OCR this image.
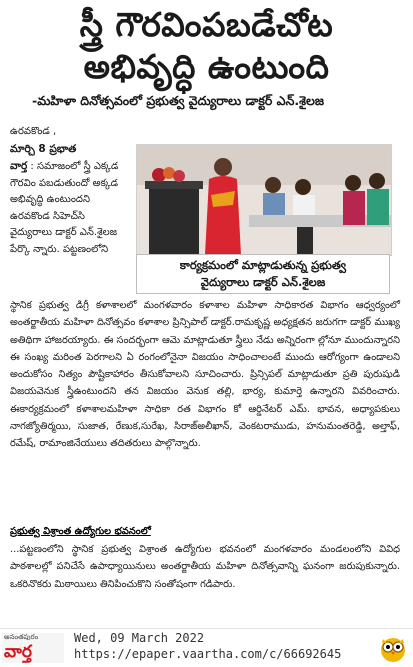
స్త్రీ గౌరవింపబడేచోట
అభివృద్ధి ఉంటుంది
-మహిళా దినోత్సవంలో ప్రభుత్వ వైద్యురాలు డాక్టర్ ఎన్.శైలజ
ఉరవకొండ ,
మార్చి 8 ప్రభాత
వార్త : సమాజంలో స్త్రీ ఎక్కడ గౌరవిం పబడుతుందో అక్కడ అభివృద్ధి ఉంటుందని ఉరవకొండ సిహెచ్‌సి వైద్యురాలు డాక్టర్ ఎన్.శైలజ పేర్కొ న్నారు. పట్టణంలోని
కార్యక్రమంలో మాట్లాడుతున్న ప్రభుత్వ
వైద్యురాలు డాక్టర్ ఎన్.శైలజ
స్థానిక ప్రభుత్వ డిగ్రీ కళాశాలలో మంగళవారం కళాశాల మహిళా సాధికారత విభాగం ఆధ్వర్యంలో అంతర్జాతీయ మహిళా దినోత్సవం కళాశాల ప్రిన్సిపాల్ డాక్టర్.రామకృష్ణ అధ్యక్షతన జరుగగా డాక్టర్ ముఖ్య అతిథిగా హాజరయ్యారు. ఈ సందర్భంగా ఆమె మాట్లాడుతూ స్త్రీలు నేడు అన్నిరంగా ల్లోనూ ముందున్నారని ఈ సంఖ్య మరింత పెరగాలని ఏ రంగంలోనైనా విజయం సాధించాలంటే ముందు ఆరోగ్యంగా ఉండాలని అందుకోసం నిత్యం పౌష్టికాహారం తీసుకోవాలని సూచించారు. ప్రిన్సిపల్ మాట్లాడుతూ ప్రతి పురుషుడి విజయవెనుక స్త్రీఉంటుందని తన విజయం వెనుక తల్లి, భార్య, కుమార్తె ఉన్నారని వివరించారు. ఈకార్యక్రమంలో కళాశాలమహిళా సాధికా రత విభాగం కో ఆర్డినేటర్ ఎమ్. భావన, అధ్యాపకులు నాగజ్యోతిర్మయి, సుజాత, రేణుక,సురేఖ, సిరాజ్‌అలీఖాన్, వెంకటరాముడు, హనుమంతరెడ్డి, అల్తాఫ్, రమేష్, రామాంజినేయులు తదితరులు పాల్గొన్నారు.
ప్రభుత్వ విశ్రాంత ఉద్యోగుల భవనంలో
...పట్టణంలోని స్థానిక ప్రభుత్వ విశ్రాంత ఉద్యోగుల భవనంలో మంగళవారం మండలంలోని వివిధ పాఠశాలల్లో పనిచేసే ఉపాధ్యాయినులు అంతర్జాతీయ మహిళా దినోత్సవాన్ని ఘనంగా జరుపుకున్నారు. ఒకరినొకరు మిఠాయిలు తినిపించుకొని సంతోషంగా గడిపారు.
అనంతపురం
వార్త
Wed, 09 March 2022
https://epaper.vaartha.com/c/66692645
